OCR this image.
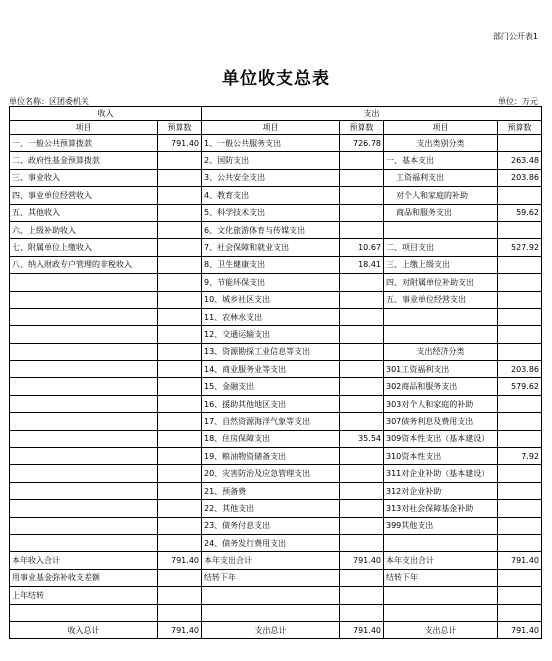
部门公开表1
单位收支总表
单位名称：区团委机关	单位：万元
收入		支出			
项目	预算数	项目	预算数	项目	预算数
一、一般公共预算拨款	791.40	1、一般公共服务支出	726.78	支出类别分类	
二、政府性基金预算拨款		2、国防支出		一、基本支出	263.48
三、事业收入		3、公共安全支出		工资福利支出	203.86
四、事业单位经营收入		4、教育支出		对个人和家庭的补助	
五、其他收入		5、科学技术支出		商品和服务支出	59.62
六、上级补助收入		6、文化旅游体育与传媒支出			
七、附属单位上缴收入		7、社会保障和就业支出	10.67	二、项目支出	527.92
八、纳入财政专户管理的非税收入		8、卫生健康支出	18.41	三、上缴上级支出	
		9、节能环保支出		四、对附属单位补助支出	
		10、城乡社区支出		五、事业单位经营支出	
		11、农林水支出			
		12、交通运输支出			
		13、资源勘探工业信息等支出		支出经济分类	
		14、商业服务业等支出		301工资福利支出	203.86
		15、金融支出		302商品和服务支出	579.62
		16、援助其他地区支出		303对个人和家庭的补助	
		17、自然资源海洋气象等支出		307债务利息及费用支出	
		18、住房保障支出	35.54	309资本性支出（基本建设）	
		19、粮油物资储备支出		310资本性支出	7.92
		20、灾害防治及应急管理支出		311对企业补助（基本建设）	
		21、预备费		312对企业补助	
		22、其他支出		313对社会保障基金补助	
		23、债务付息支出		399其他支出	
		24、债务发行费用支出			
本年收入合计	791.40	本年支出合计	791.40	本年支出合计	791.40
用事业基金弥补收支差额		结转下年		结转下年	
上年结转					

收入总计	791.40	支出总计	791.40	支出总计	791.40
